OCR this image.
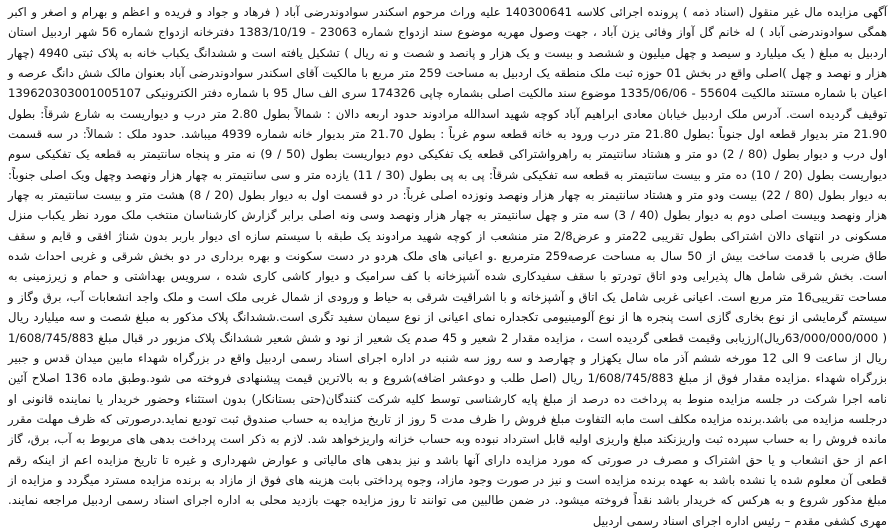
آگهی مزایده مال غیر منقول (اسناد ذمه ) پرونده اجرائی کلاسه 140300641 علیه وراث مرحوم اسکندر سوادوندرضی آباد ( فرهاد و جواد و فریده و اعظم و بهرام و اصغر و اکبر همگی سوادوندرضی آباد ) له خانم گل آواز وفائی یزن آباد ، جهت وصول مهریه موضوع سند ازدواج شماره 23063 - 1383/10/19 دفترخانه ازدواج شماره 56 شهر اردبیل استان اردبیل به مبلغ ( یک میلیارد و سیصد و چهل میلیون و ششصد و بیست و یک هزار و پانصد و شصت و نه ریال ) تشکیل یافته است و ششدانگ یکباب خانه به پلاک ثبتی 4940 (چهار هزار و نهصد و چهل )اصلی واقع در بخش 01 حوزه ثبت ملک منطقه یک اردبیل به مساحت 259 متر مربع با مالکیت آقای اسکندر سوادوندرضی آباد بعنوان مالک شش دانگ عرصه و اعیان با شماره مستند مالکیت 55604 - 1335/06/06 موضوع سند مالکیت اصلی بشماره چاپی 174326 سری الف سال 95 با شماره دفتر الکترونیکی 139620303001005107 توقیف گردیده است. آدرس ملک اردبیل خیابان معادی ابراهیم آباد کوچه شهید اسدالله مرادوند حدود اربعه دالان : شمالاً بطول 2.80 متر درب و دیواریست به شارع شرقاً: بطول 21.90 متر بدیوار قطعه اول جنوباً :بطول 21.80 متر درب ورود به خانه قطعه سوم غرباً : بطول 21.70 متر بدیوار خانه شماره 4939 میباشد. حدود ملک : شمالاً: در سه قسمت اول درب و دیوار بطول (80 / 2) دو متر و هشتاد سانتیمتر به راهرواشتراکی قطعه یک تفکیکی دوم دیواریست بطول (50 / 9) نه متر و پنجاه سانتیمتر به قطعه یک تفکیکی سوم دیواریست بطول (20 / 10) ده متر و بیست سانتیمتر به قطعه سه تفکیکی شرقاً: پی به پی بطول (30 / 11) یازده متر و سی سانتیمتر به چهار هزار ونهصد وچهل ویک اصلی جنوباً: به دیوار بطول (80 / 22) بیست ودو متر و هشتاد سانتیمتر به چهار هزار ونهصد ونوزده اصلی غرباً: در دو قسمت اول به دیوار بطول (20 / 8) هشت متر و بیست سانتیمتر به چهار هزار ونهصد وبیست اصلی دوم به دیوار بطول (40 / 3) سه متر و چهل سانتیمتر به چهار هزار ونهصد وسی ونه اصلی برابر گزارش کارشناسان منتخب ملک مورد نظر یکباب منزل مسکونی در انتهای دالان اشتراکی بطول تقریبی 22متر و عرض2/8 متر منشعب از کوچه شهید مرادوند یک طبقه با سیستم سازه ای دیوار باربر بدون شناژ افقی و قایم و سقف طاق ضربی با قدمت ساخت بیش از 50 سال به مساحت عرصه259 مترمربع .و اعیانی های ملک هردو در دست سکونت و بهره برداری در دو بخش شرقی و غربی احداث شده است. بخش شرقی شامل هال پذیرایی ودو اتاق تودرتو با سقف سفیدکاری شده آشپزخانه با کف سرامیک و دیوار کاشی کاری شده ، سرویس بهداشتی و حمام و زیرزمینی به مساحت تقریبی16 متر مربع است. اعیانی غربی شامل یک اتاق و آشپزخانه و با اشراقیت شرقی به حیاط و ورودی از شمال غربی ملک است و ملک واجد انشعابات آب، برق وگاز و سیستم گرمایشی از نوع بخاری گازی است پنجره ها از نوع آلومینیومی تکجداره نمای اعیانی از نوع سیمان سفید تگری است.ششدانگ پلاک مذکور به مبلغ شصت و سه میلیارد ریال ( 63/000/000/000ریال)ارزیابی وقیمت قطعی گردیده است ، مزایده مقدار 2 شعیر و 45 صدم یک شعیر از نود و شش شعیر ششدانگ پلاک مزبور در قبال مبلغ 1/608/745/883 ریال از ساعت 9 الی 12 مورخه ششم آذر ماه سال یکهزار و چهارصد و سه روز سه شنبه در اداره اجرای اسناد رسمی اردبیل واقع در بزرگراه شهداء مابین میدان قدس و جبیر بزرگراه شهداء .مزایده مقدار فوق از مبلغ 1/608/745/883 ریال (اصل طلب و دوعشر اضافه)شروع و به بالاترین قیمت پیشنهادی فروخته می شود.وطبق ماده 136 اصلاح آئین نامه اجرا شرکت در جلسه مزایده منوط به پرداخت ده درصد از مبلغ پایه کارشناسی توسط کلیه شرکت کنندگان(حتی بستانکار) بدون استثناء وحضور خریدار یا نماینده قانونی او درجلسه مزایده می باشد.برنده مزایده مکلف است مابه التفاوت مبلغ فروش را ظرف مدت 5 روز از تاریخ مزایده به حساب صندوق ثبت تودیع نماید.درصورتی که ظرف مهلت مقرر مانده فروش را به حساب سپرده ثبت واریزنکند مبلغ واریزی اولیه قابل استرداد نبوده وبه حساب خزانه واریزخواهد شد. لازم به ذکر است پرداخت بدهی های مربوط به آب، برق، گاز اعم از حق انشعاب و یا حق اشتراک و مصرف در صورتی که مورد مزایده دارای آنها باشد و نیز بدهی های مالیاتی و عوارض شهرداری و غیره تا تاریخ مزایده اعم از اینکه رقم قطعی آن معلوم شده یا نشده باشد به عهده برنده مزایده است و نیز در صورت وجود مازاد، وجوه پرداختی بابت هزینه های فوق از مازاد به برنده مزایده مسترد میگردد و مزایده از مبلغ مذکور شروع و به هرکس که خریدار باشد نقداً فروخته میشود. در ضمن طالبین می توانند تا روز مزایده جهت بازدید محلی به اداره اجرای اسناد رسمی اردبیل مراجعه نمایند. مهری کشفی مقدم – رئیس اداره اجرای اسناد رسمی اردبیل
